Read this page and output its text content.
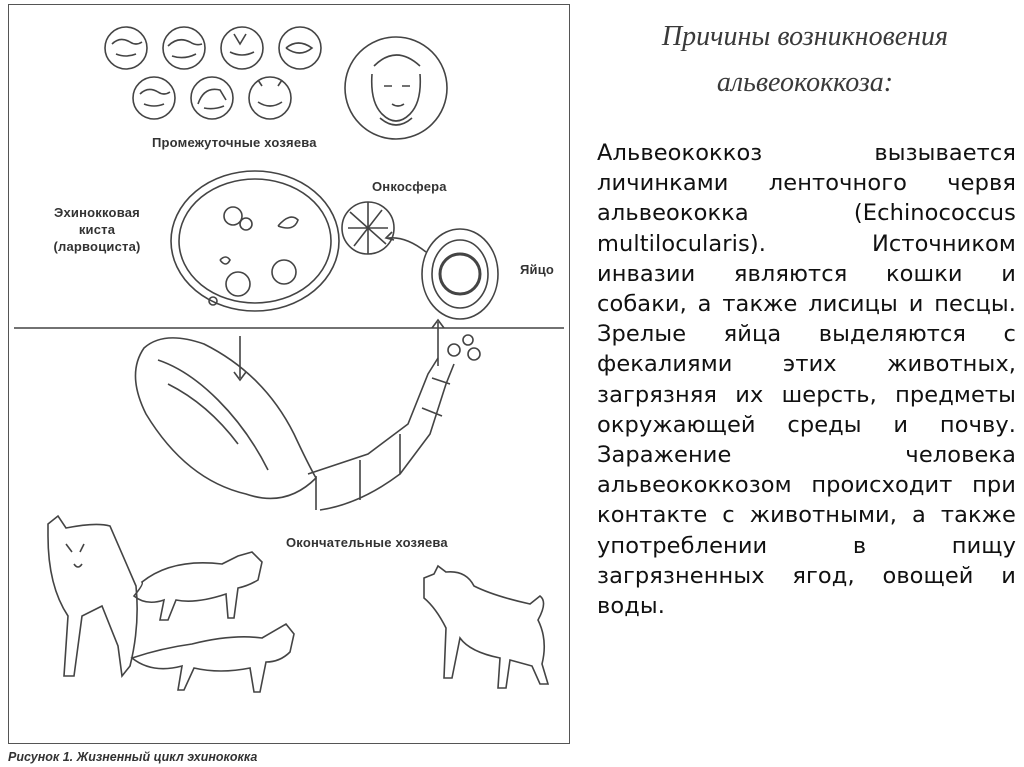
Промежуточные хозяева
Эхинокковая
киста
(ларвоциста)
Онкосфера
Яйцо
Окончательные хозяева
Рисунок 1. Жизненный цикл эхинококка
Причины возникновения
альвеококкоза:

Альвеококкоз вызывается личинками ленточного червя альвеококка (Echinococcus multilocularis). Источником инвазии являются кошки и собаки, а также лисицы и песцы. Зрелые яйца выделяются с фекалиями этих животных, загрязняя их шерсть, предметы окружающей среды и почву. Заражение человека альвеококкозом происходит при контакте с животными, а также употреблении в пищу загрязненных ягод, овощей и воды.
